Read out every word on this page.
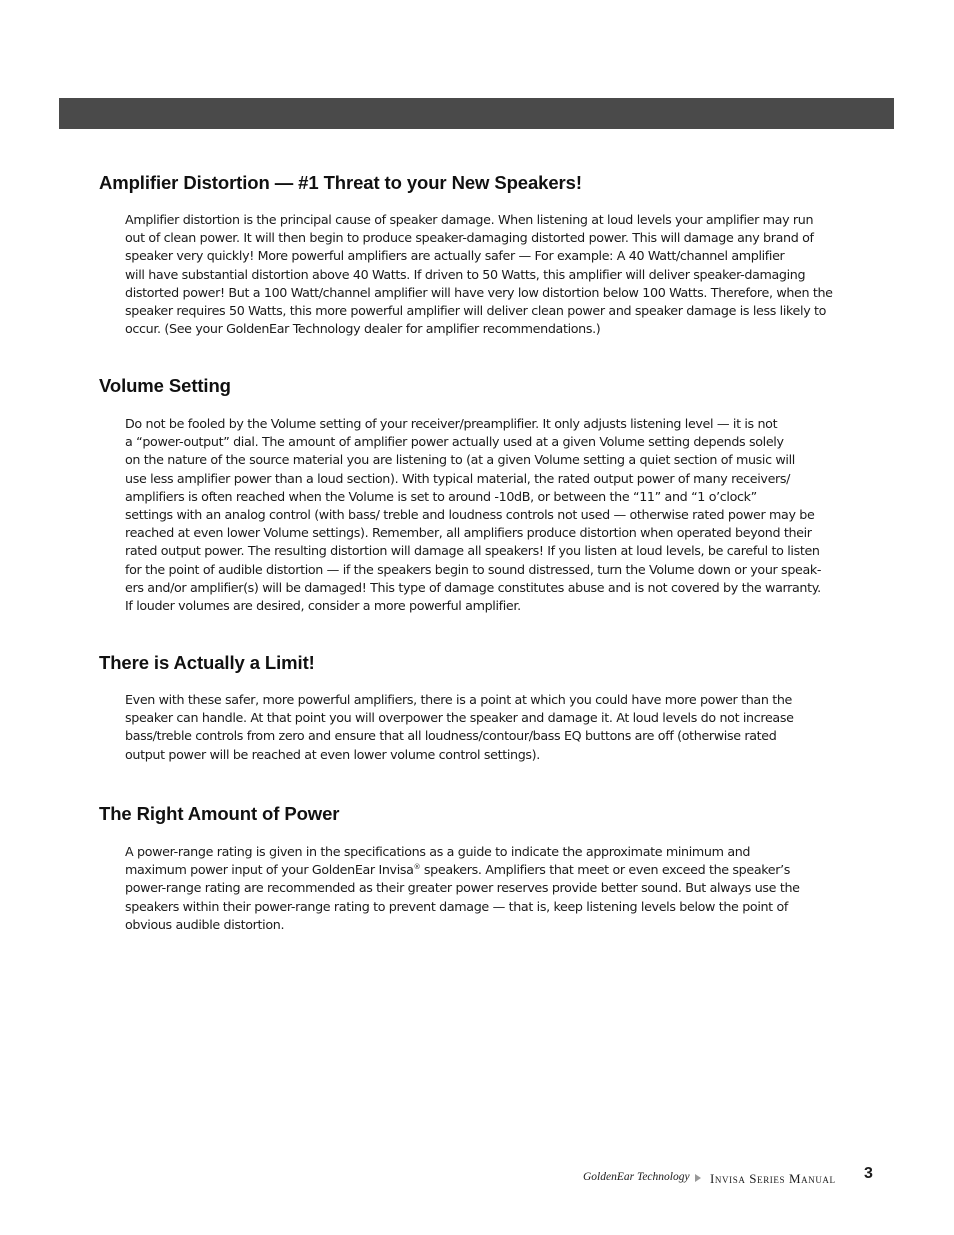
Amplifier Distortion — #1 Threat to your New Speakers!

Amplifier distortion is the principal cause of speaker damage. When listening at loud levels your amplifier may run
out of clean power. It will then begin to produce speaker-damaging distorted power. This will damage any brand of
speaker very quickly! More powerful amplifiers are actually safer — For example: A 40 Watt/channel amplifier
will have substantial distortion above 40 Watts. If driven to 50 Watts, this amplifier will deliver speaker-damaging
distorted power! But a 100 Watt/channel amplifier will have very low distortion below 100 Watts. Therefore, when the
speaker requires 50 Watts, this more powerful amplifier will deliver clean power and speaker damage is less likely to
occur. (See your GoldenEar Technology dealer for amplifier recommendations.)

Volume Setting

Do not be fooled by the Volume setting of your receiver/preamplifier. It only adjusts listening level — it is not
a “power-output” dial. The amount of amplifier power actually used at a given Volume setting depends solely
on the nature of the source material you are listening to (at a given Volume setting a quiet section of music will
use less amplifier power than a loud section). With typical material, the rated output power of many receivers/
amplifiers is often reached when the Volume is set to around -10dB, or between the “11” and “1 o’clock”
settings with an analog control (with bass/ treble and loudness controls not used — otherwise rated power may be
reached at even lower Volume settings). Remember, all amplifiers produce distortion when operated beyond their
rated output power. The resulting distortion will damage all speakers! If you listen at loud levels, be careful to listen
for the point of audible distortion — if the speakers begin to sound distressed, turn the Volume down or your speak-
ers and/or amplifier(s) will be damaged! This type of damage constitutes abuse and is not covered by the warranty.
If louder volumes are desired, consider a more powerful amplifier.

There is Actually a Limit!

Even with these safer, more powerful amplifiers, there is a point at which you could have more power than the
speaker can handle. At that point you will overpower the speaker and damage it. At loud levels do not increase
bass/treble controls from zero and ensure that all loudness/contour/bass EQ buttons are off (otherwise rated
output power will be reached at even lower volume control settings).

The Right Amount of Power

A power-range rating is given in the specifications as a guide to indicate the approximate minimum and
maximum power input of your GoldenEar Invisa® speakers. Amplifiers that meet or even exceed the speaker’s
power-range rating are recommended as their greater power reserves provide better sound. But always use the
speakers within their power-range rating to prevent damage — that is, keep listening levels below the point of
obvious audible distortion.

GoldenEar Technology Invisa Series Manual 3
